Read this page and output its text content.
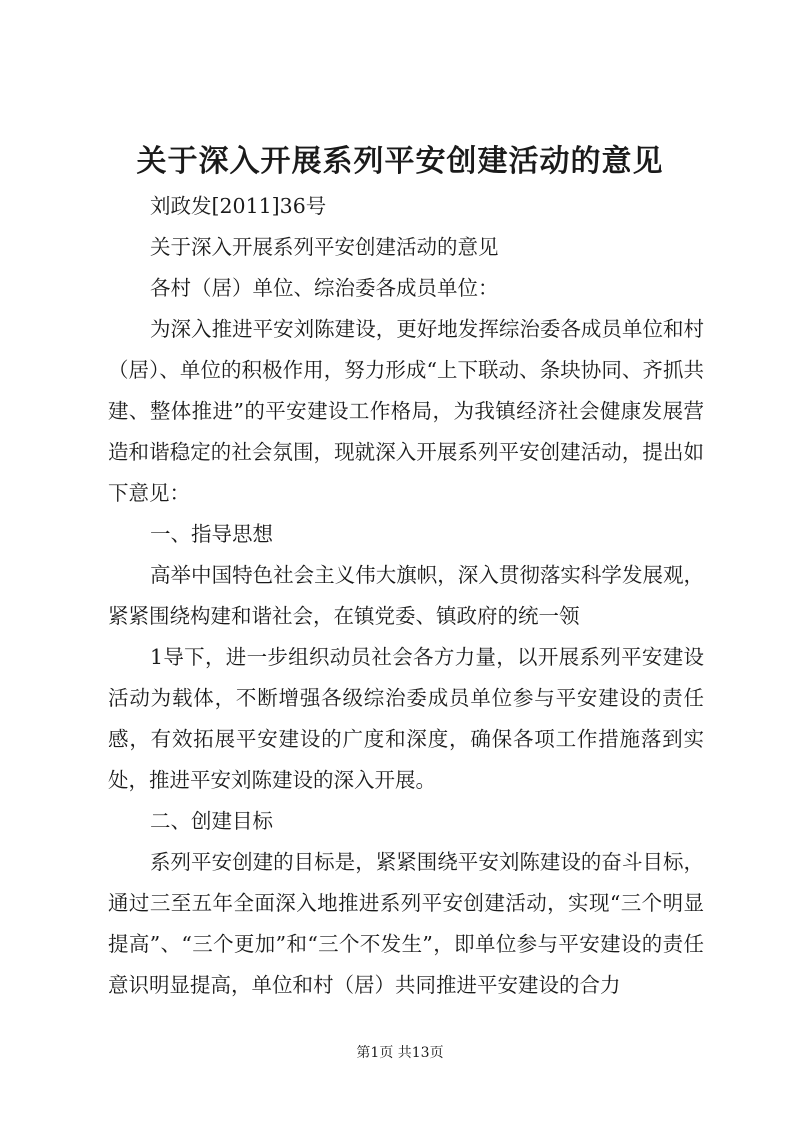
关于深入开展系列平安创建活动的意见

刘政发[2011]36号

关于深入开展系列平安创建活动的意见

各村（居）单位、综治委各成员单位：

为深入推进平安刘陈建设，更好地发挥综治委各成员单位和村（居）、单位的积极作用，努力形成“上下联动、条块协同、齐抓共建、整体推进”的平安建设工作格局，为我镇经济社会健康发展营造和谐稳定的社会氛围，现就深入开展系列平安创建活动，提出如下意见：

一、指导思想

高举中国特色社会主义伟大旗帜，深入贯彻落实科学发展观，紧紧围绕构建和谐社会，在镇党委、镇政府的统一领

1导下，进一步组织动员社会各方力量，以开展系列平安建设活动为载体，不断增强各级综治委成员单位参与平安建设的责任感，有效拓展平安建设的广度和深度，确保各项工作措施落到实处，推进平安刘陈建设的深入开展。

二、创建目标

系列平安创建的目标是，紧紧围绕平安刘陈建设的奋斗目标，通过三至五年全面深入地推进系列平安创建活动，实现“三个明显提高”、“三个更加”和“三个不发生”，即单位参与平安建设的责任意识明显提高，单位和村（居）共同推进平安建设的合力

第1页 共13页
